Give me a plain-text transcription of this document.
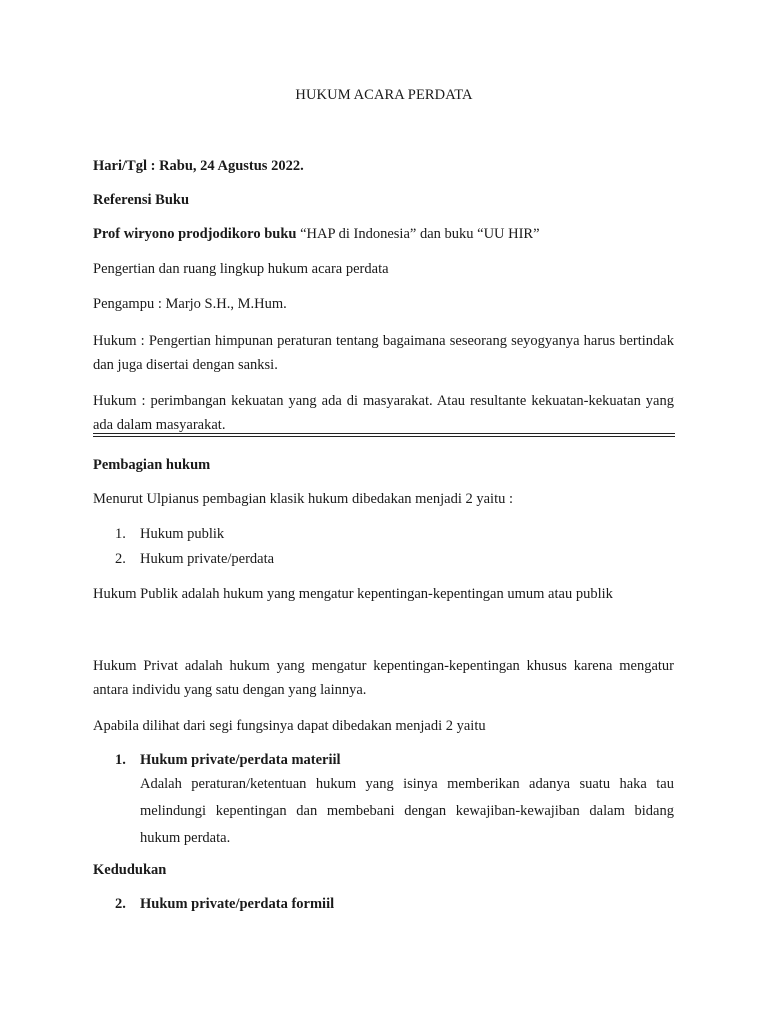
HUKUM ACARA PERDATA
Hari/Tgl : Rabu, 24 Agustus 2022.
Referensi Buku
Prof wiryono prodjodikoro buku “HAP di Indonesia” dan buku “UU HIR”
Pengertian dan ruang lingkup hukum acara perdata
Pengampu : Marjo S.H., M.Hum.
Hukum : Pengertian himpunan peraturan tentang bagaimana seseorang seyogyanya harus bertindak dan juga disertai dengan sanksi.
Hukum : perimbangan kekuatan yang ada di masyarakat. Atau resultante kekuatan-kekuatan yang ada dalam masyarakat.
Pembagian hukum
Menurut Ulpianus pembagian klasik hukum dibedakan menjadi 2 yaitu :
1. Hukum publik
2. Hukum private/perdata
Hukum Publik adalah hukum yang mengatur kepentingan-kepentingan umum atau publik
Hukum Privat adalah hukum yang mengatur kepentingan-kepentingan khusus karena mengatur antara individu yang satu dengan yang lainnya.
Apabila dilihat dari segi fungsinya dapat dibedakan menjadi 2 yaitu
1. Hukum private/perdata materiil
Adalah peraturan/ketentuan hukum yang isinya memberikan adanya suatu haka tau melindungi kepentingan dan membebani dengan kewajiban-kewajiban dalam bidang hukum perdata.
Kedudukan
2. Hukum private/perdata formiil
